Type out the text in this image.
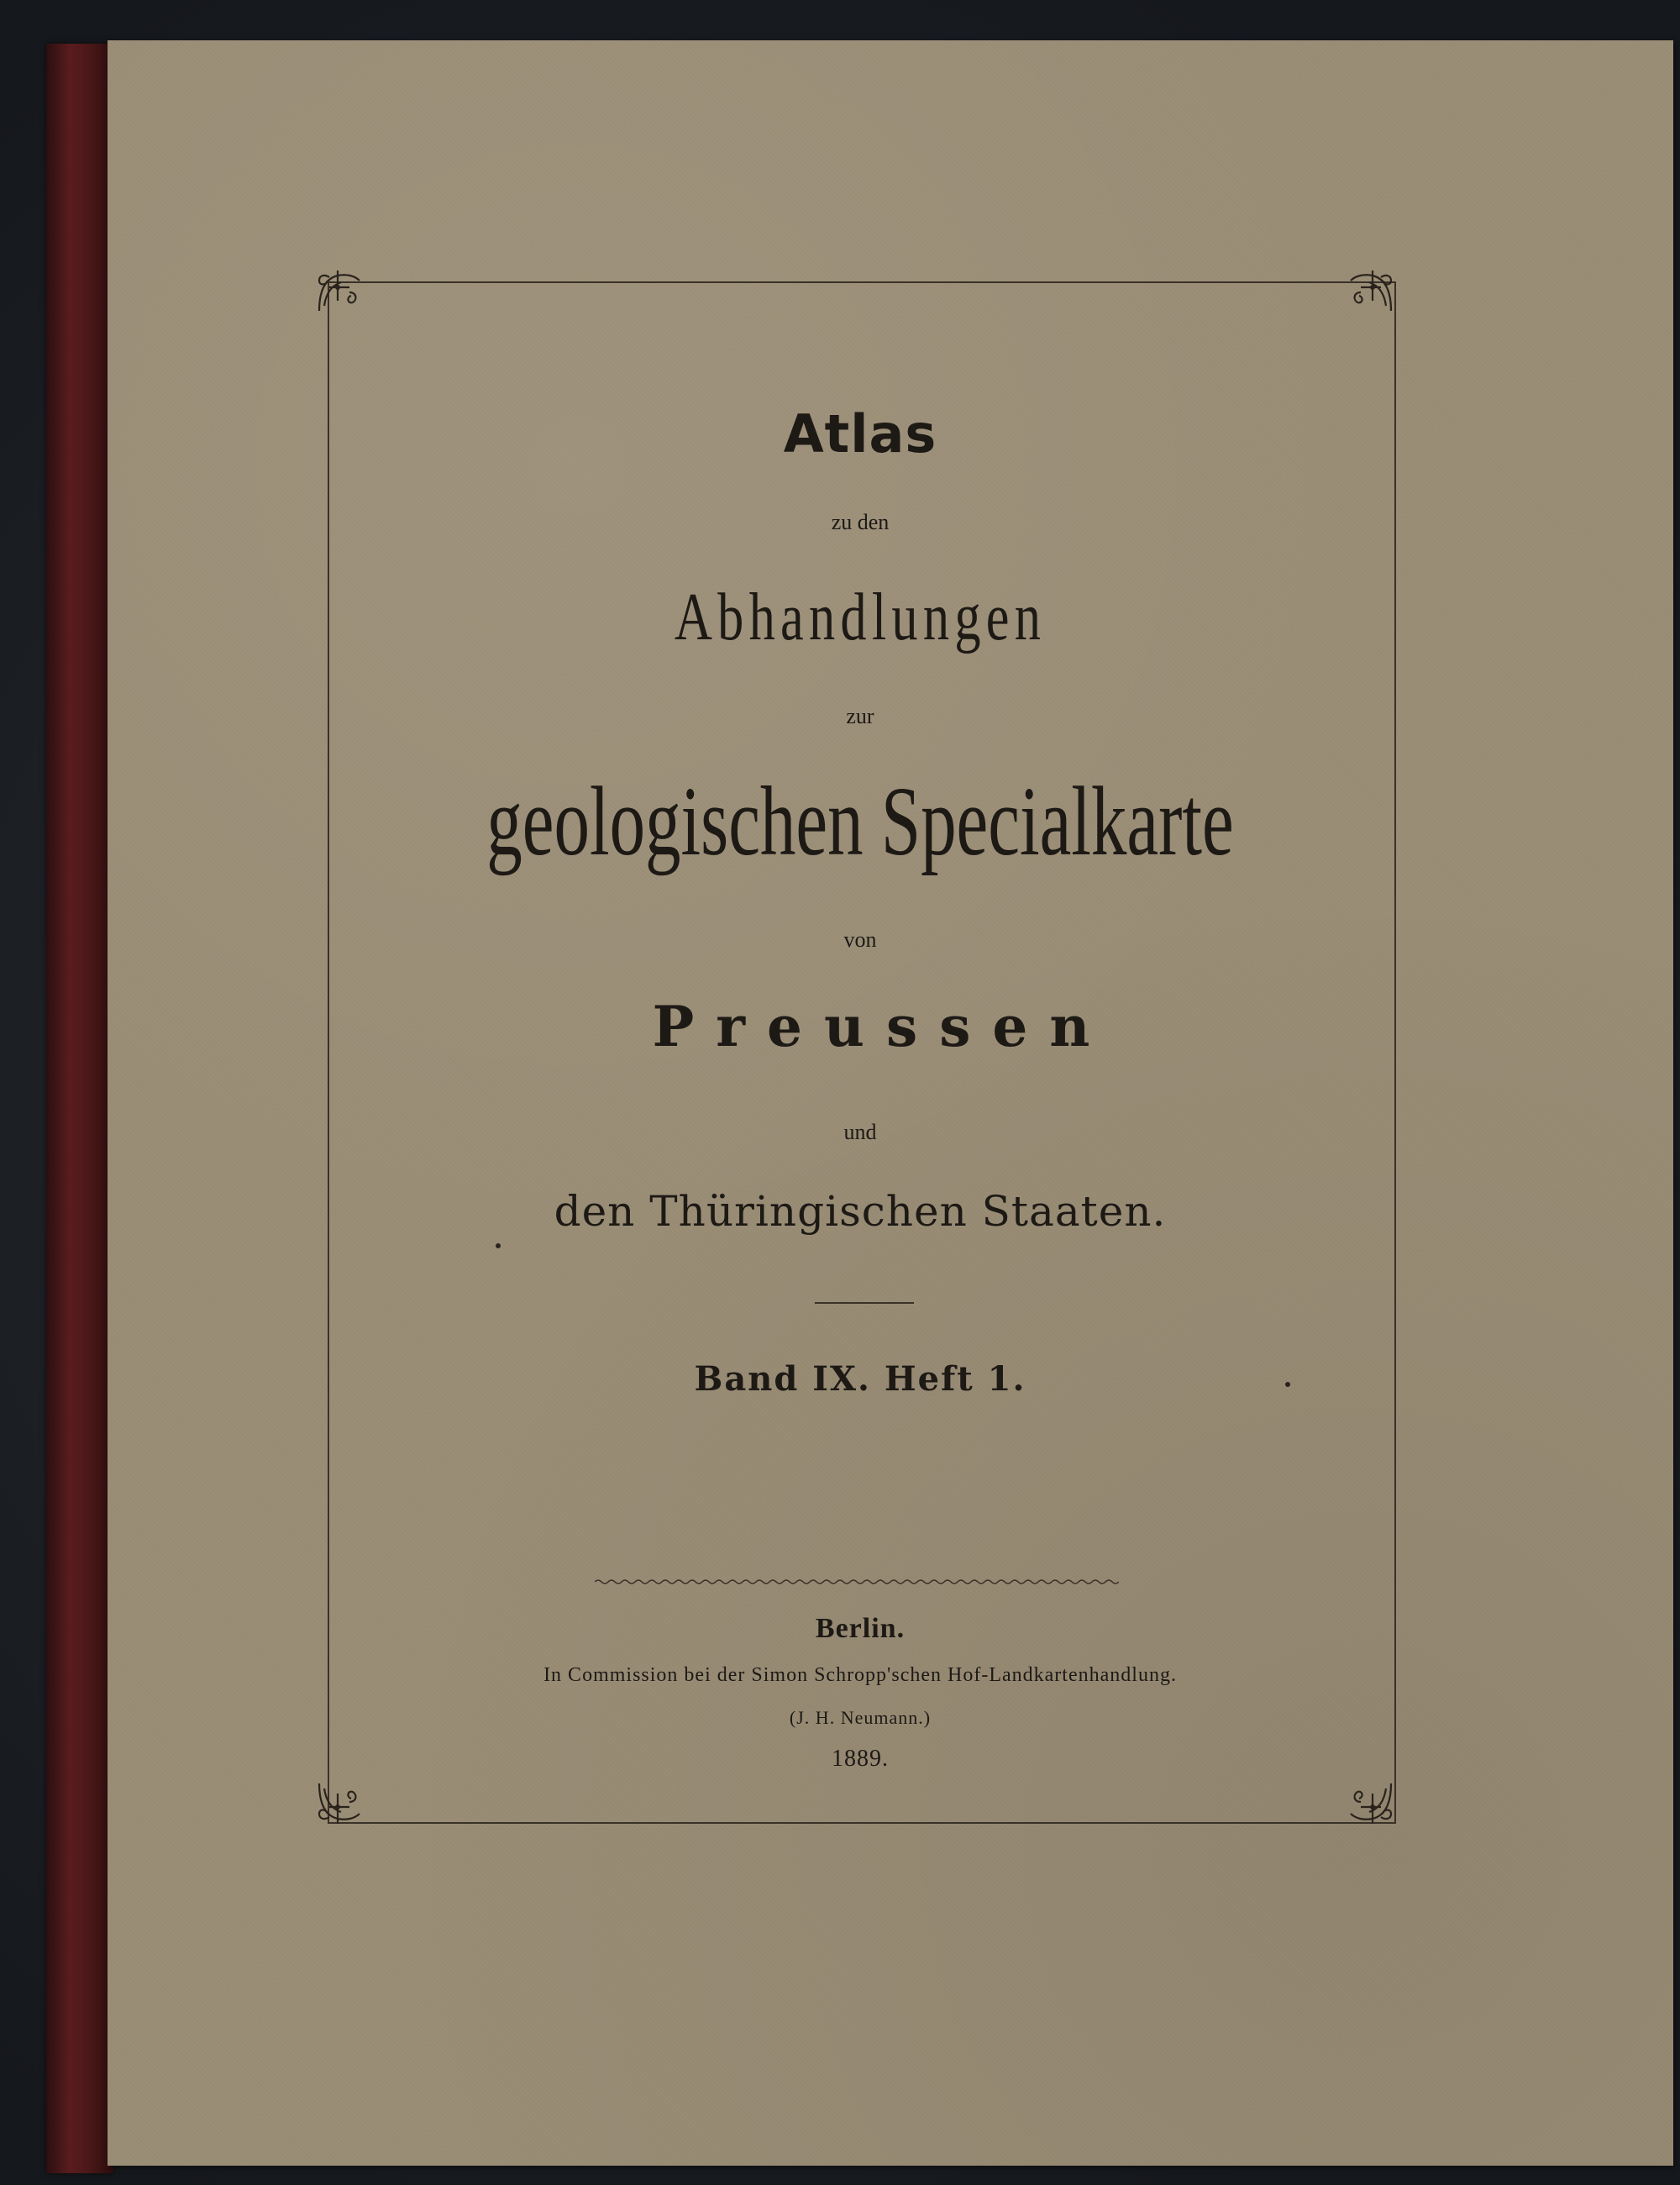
Atlas
zu den
Abhandlungen
zur
geologischen Specialkarte
von
Preussen
und
den Thüringischen Staaten.
Band IX. Heft 1.
Berlin.
In Commission bei der Simon Schropp'schen Hof-Landkartenhandlung.
(J. H. Neumann.)
1889.
